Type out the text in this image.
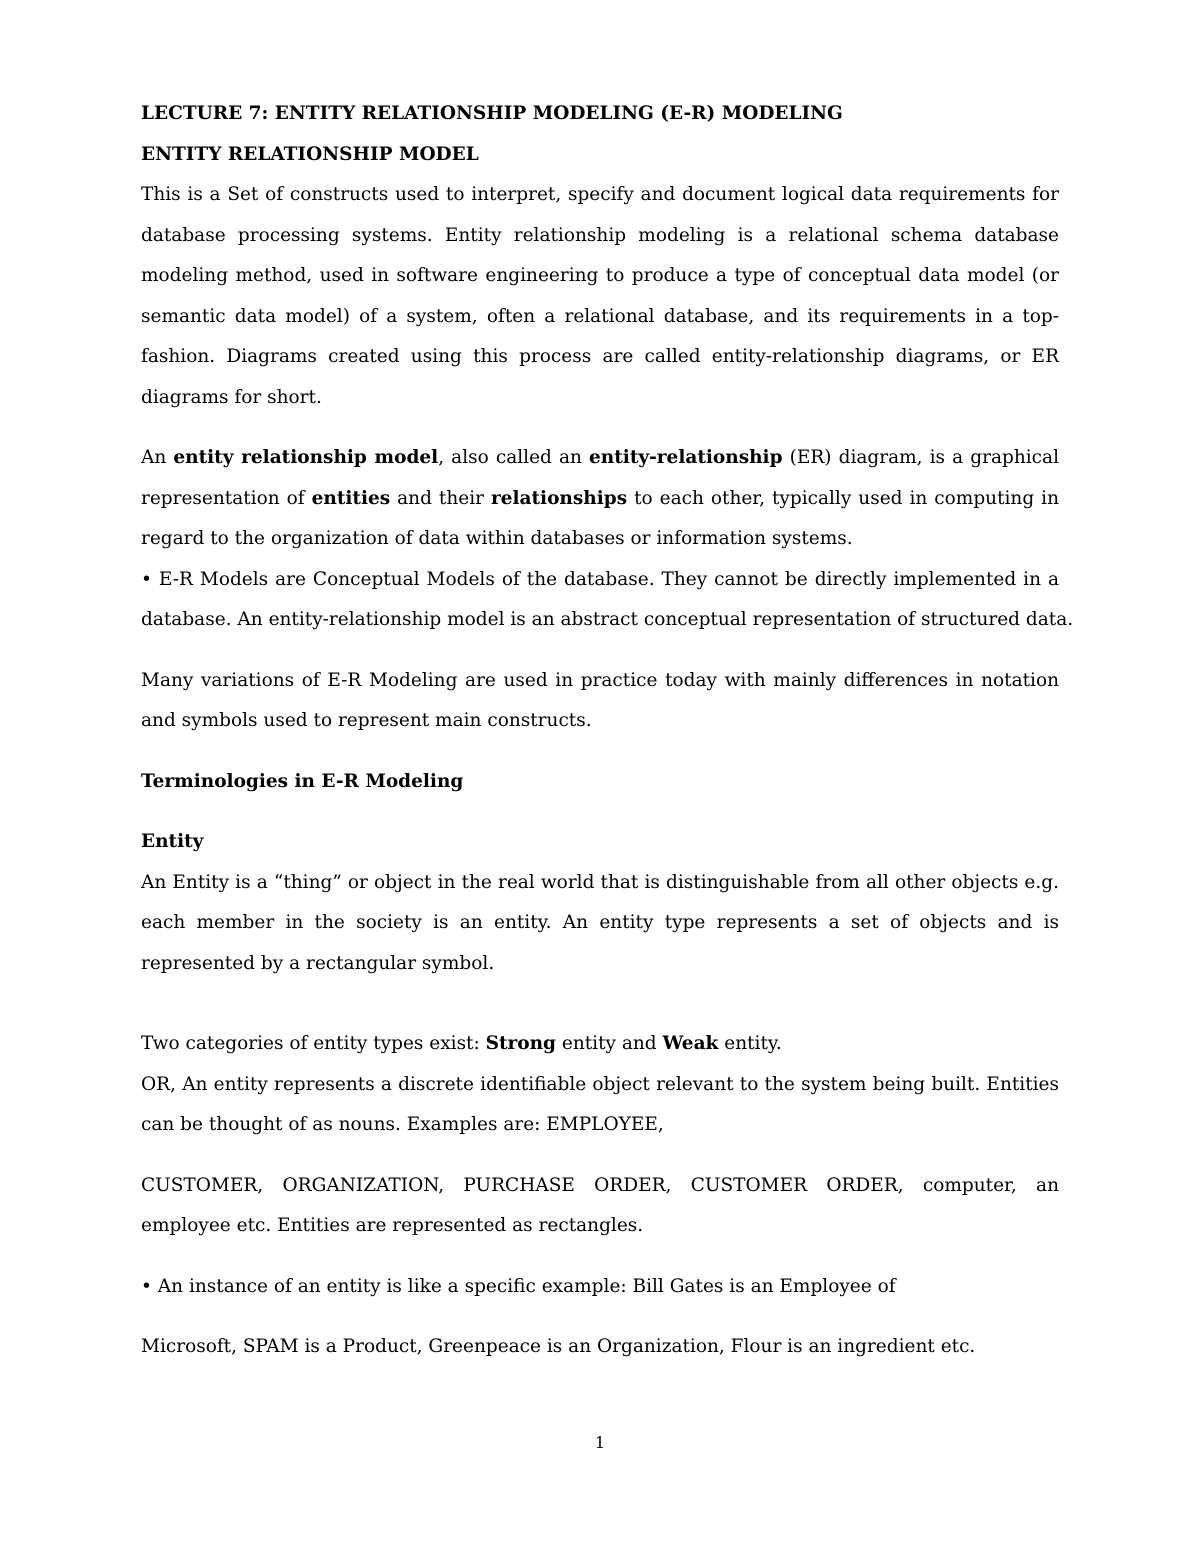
LECTURE 7: ENTITY RELATIONSHIP MODELING (E-R) MODELING
ENTITY RELATIONSHIP MODEL
This is a Set of constructs used to interpret, specify and document logical data requirements for
database processing systems. Entity relationship modeling is a relational schema database
modeling method, used in software engineering to produce a type of conceptual data model (or
semantic data model) of a system, often a relational database, and its requirements in a top-
fashion. Diagrams created using this process are called entity-relationship diagrams, or ER
diagrams for short.
An entity relationship model, also called an entity-relationship (ER) diagram, is a graphical
representation of entities and their relationships to each other, typically used in computing in
regard to the organization of data within databases or information systems.
• E-R Models are Conceptual Models of the database. They cannot be directly implemented in a
database. An entity-relationship model is an abstract conceptual representation of structured data.
Many variations of E-R Modeling are used in practice today with mainly differences in notation
and symbols used to represent main constructs.
Terminologies in E-R Modeling
Entity
An Entity is a “thing” or object in the real world that is distinguishable from all other objects e.g.
each member in the society is an entity. An entity type represents a set of objects and is
represented by a rectangular symbol.
Two categories of entity types exist: Strong entity and Weak entity.
OR, An entity represents a discrete identifiable object relevant to the system being built. Entities
can be thought of as nouns. Examples are: EMPLOYEE,
CUSTOMER, ORGANIZATION, PURCHASE ORDER, CUSTOMER ORDER, computer, an
employee etc. Entities are represented as rectangles.
• An instance of an entity is like a specific example: Bill Gates is an Employee of
Microsoft, SPAM is a Product, Greenpeace is an Organization, Flour is an ingredient etc.
1
